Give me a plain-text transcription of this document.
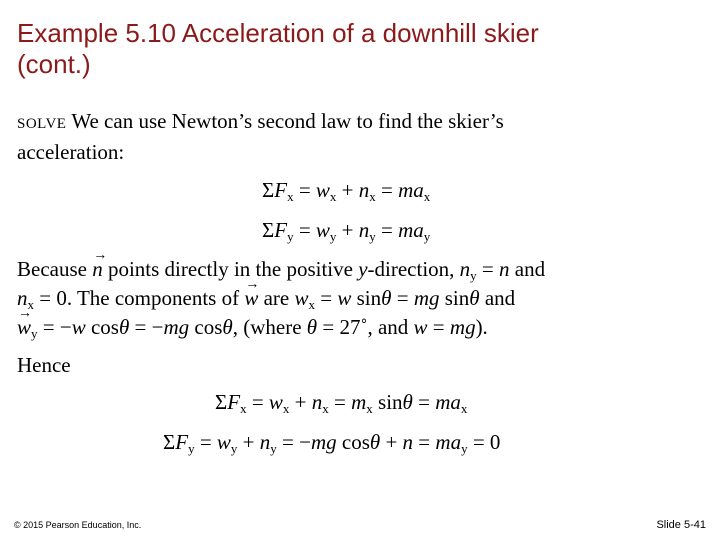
Example 5.10 Acceleration of a downhill skier
(cont.)
SOLVE We can use Newton’s second law to find the skier’s
acceleration:
$\Sigma F_x = w_x + n_x = ma_x$
$\Sigma F_y = w_y + n_y = ma_y$
Because → n points directly in the positive y-direction, $n_y = n$ and
$n_x = 0$. The components of → w are $w_x = w$ sinθ = mg sinθ and
→ $w_y = -w$ cosθ = −mg cosθ, (where θ = 27˚, and w = mg).
Hence
$\Sigma F_x = w_x + n_x = m_x$ $\sin\theta = ma_x$
$\Sigma F_y = w_y + n_y = -mg$ $\cos\theta + n = ma_y = 0$
© 2015 Pearson Education, Inc.	Slide 5-41
